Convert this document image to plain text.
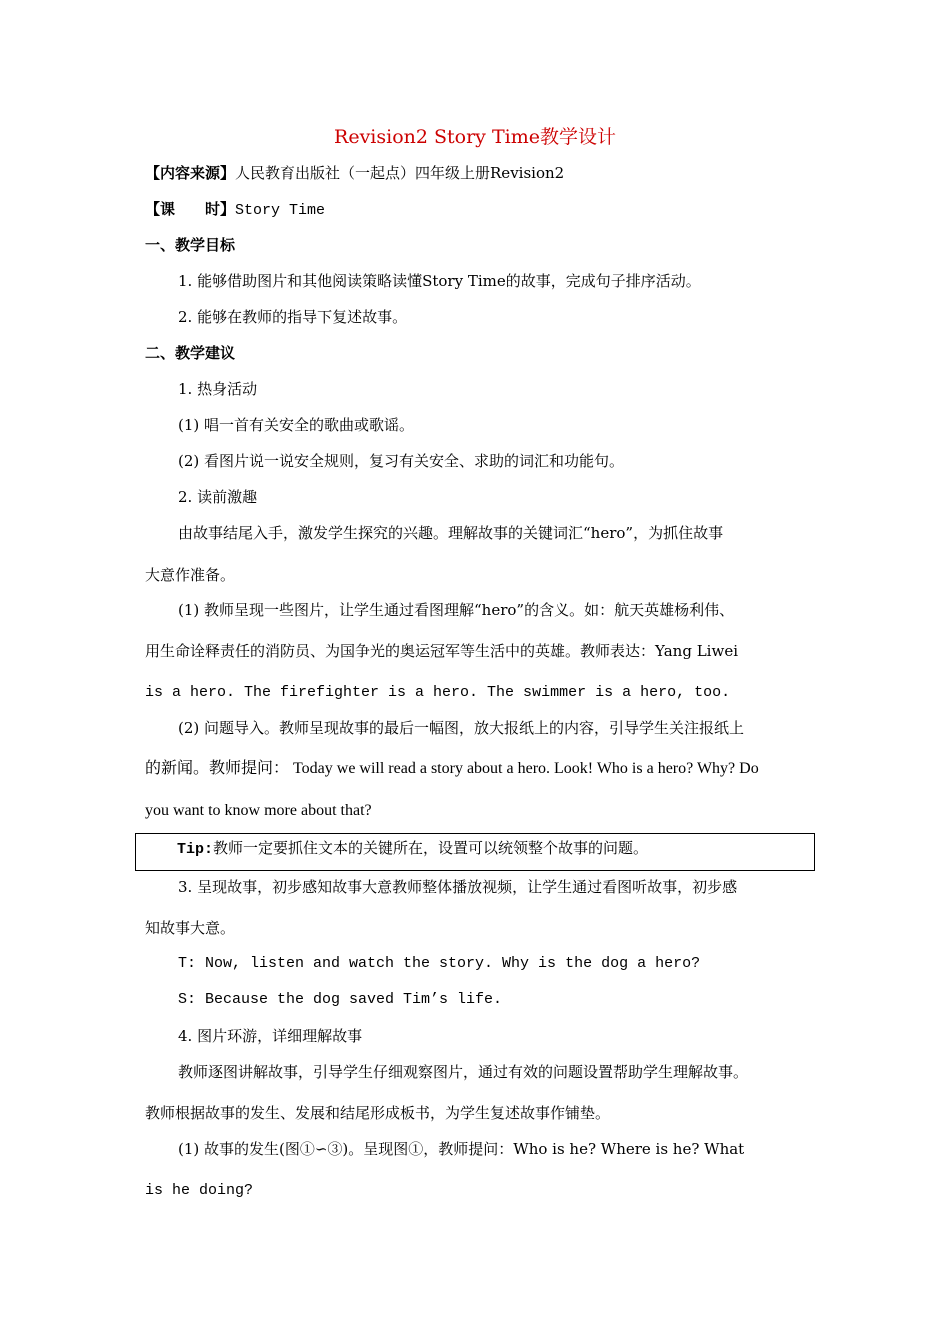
Revision2 Story Time教学设计
【内容来源】人民教育出版社（一起点）四年级上册Revision2
【课　　时】Story Time
一、教学目标
1. 能够借助图片和其他阅读策略读懂Story Time的故事，完成句子排序活动。
2. 能够在教师的指导下复述故事。
二、教学建议
1. 热身活动
(1) 唱一首有关安全的歌曲或歌谣。
(2) 看图片说一说安全规则，复习有关安全、求助的词汇和功能句。
2. 读前激趣
由故事结尾入手，激发学生探究的兴趣。理解故事的关键词汇“hero”，为抓住故事
大意作准备。
(1) 教师呈现一些图片，让学生通过看图理解“hero”的含义。如：航天英雄杨利伟、
用生命诠释责任的消防员、为国争光的奥运冠军等生活中的英雄。教师表达：Yang Liwei
is a hero. The firefighter is a hero. The swimmer is a hero, too.
(2) 问题导入。教师呈现故事的最后一幅图，放大报纸上的内容，引导学生关注报纸上
的新闻。教师提问： Today we will read a story about a hero. Look! Who is a hero? Why? Do
you want to know more about that?
Tip:教师一定要抓住文本的关键所在，设置可以统领整个故事的问题。
3. 呈现故事，初步感知故事大意教师整体播放视频，让学生通过看图听故事，初步感
知故事大意。
T: Now, listen and watch the story. Why is the dog a hero?
S: Because the dog saved Tim’s life.
4. 图片环游，详细理解故事
教师逐图讲解故事，引导学生仔细观察图片，通过有效的问题设置帮助学生理解故事。
教师根据故事的发生、发展和结尾形成板书，为学生复述故事作铺垫。
(1) 故事的发生(图①∽③)。呈现图①，教师提问：Who is he? Where is he? What
is he doing?
